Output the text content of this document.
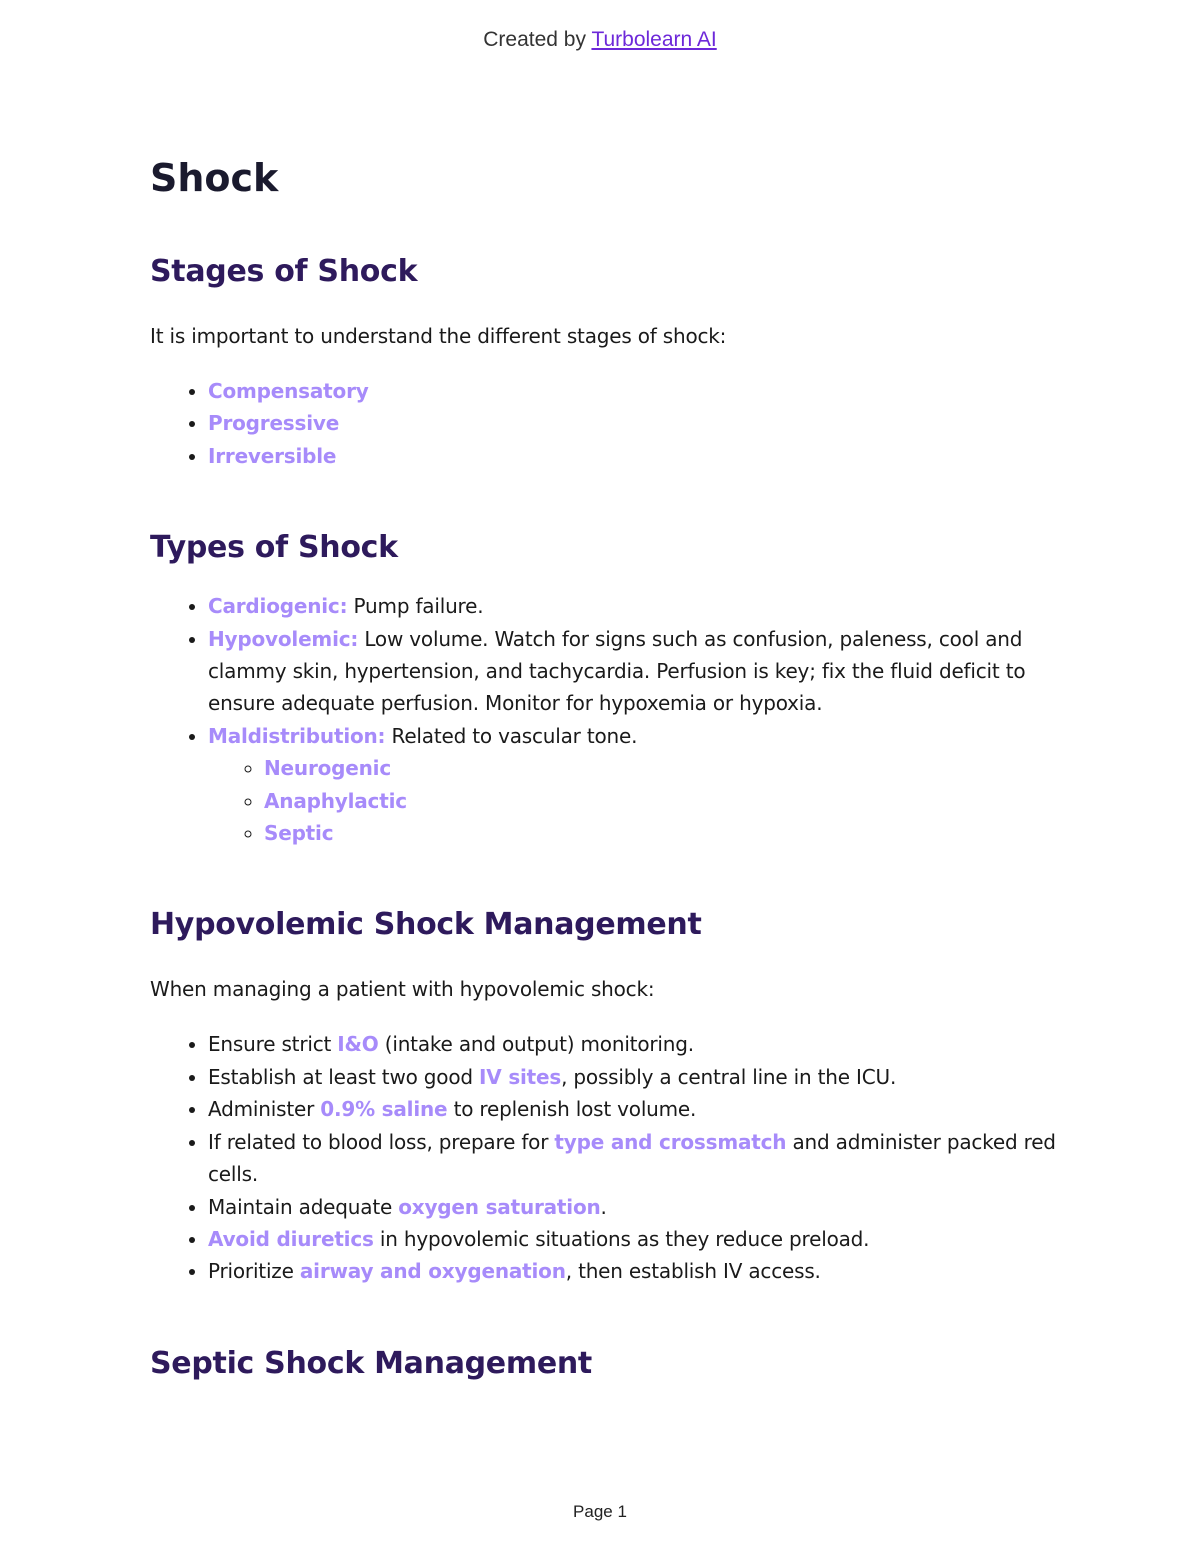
Created by Turbolearn AI
Shock
Stages of Shock

It is important to understand the different stages of shock:

• Compensatory
• Progressive
• Irreversible
Types of Shock
• Cardiogenic: Pump failure.
• Hypovolemic: Low volume. Watch for signs such as confusion, paleness, cool and clammy skin, hypertension, and tachycardia. Perfusion is key; fix the fluid deficit to ensure adequate perfusion. Monitor for hypoxemia or hypoxia.
• Maldistribution: Related to vascular tone.
◦ Neurogenic
◦ Anaphylactic
◦ Septic
Hypovolemic Shock Management

When managing a patient with hypovolemic shock:

• Ensure strict I&O (intake and output) monitoring.
• Establish at least two good IV sites, possibly a central line in the ICU.
• Administer 0.9% saline to replenish lost volume.
• If related to blood loss, prepare for type and crossmatch and administer packed red cells.
• Maintain adequate oxygen saturation.
• Avoid diuretics in hypovolemic situations as they reduce preload.
• Prioritize airway and oxygenation, then establish IV access.
Septic Shock Management
Page 1
